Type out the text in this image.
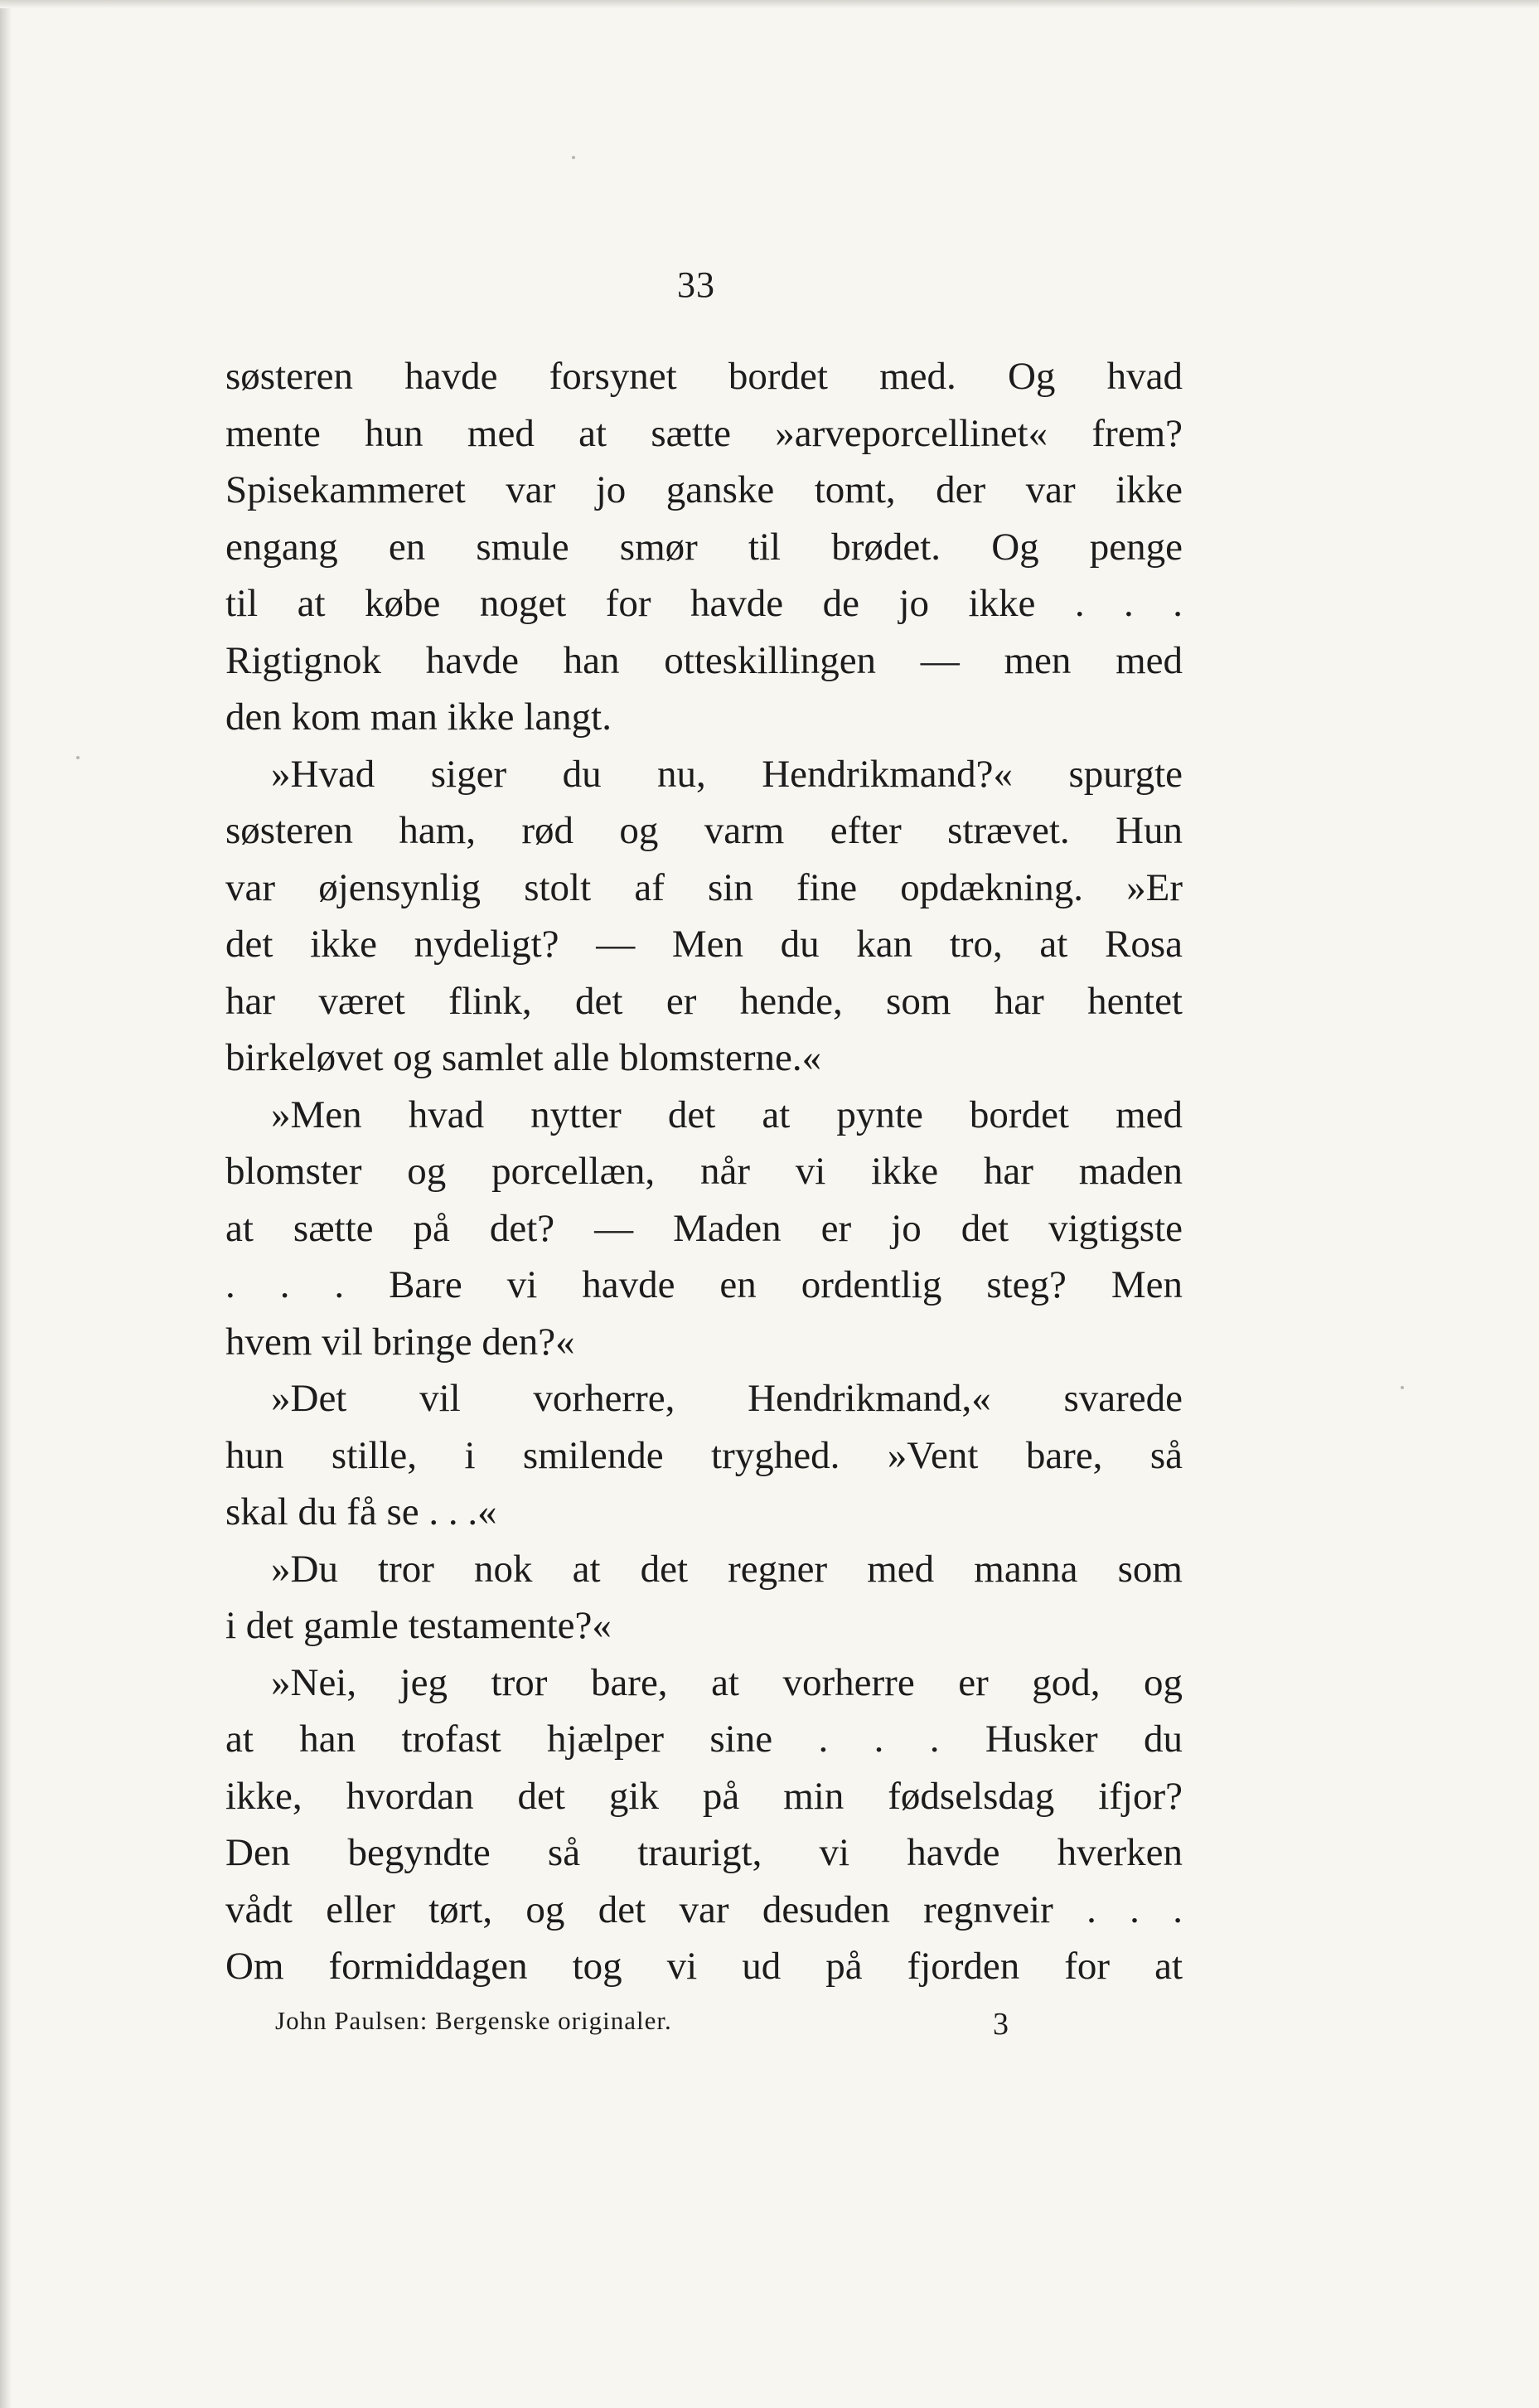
33
søsteren havde forsynet bordet med. Og hvad
mente hun med at sætte »arveporcellinet« frem?
Spisekammeret var jo ganske tomt, der var ikke
engang en smule smør til brødet. Og penge
til at købe noget for havde de jo ikke . . .
Rigtignok havde han otteskillingen — men med
den kom man ikke langt.
»Hvad siger du nu, Hendrikmand?« spurgte
søsteren ham, rød og varm efter strævet. Hun
var øjensynlig stolt af sin fine opdækning. »Er
det ikke nydeligt? — Men du kan tro, at Rosa
har været flink, det er hende, som har hentet
birkeløvet og samlet alle blomsterne.«
»Men hvad nytter det at pynte bordet med
blomster og porcellæn, når vi ikke har maden
at sætte på det? — Maden er jo det vigtigste
. . . Bare vi havde en ordentlig steg? Men
hvem vil bringe den?«
»Det vil vorherre, Hendrikmand,« svarede
hun stille, i smilende tryghed. »Vent bare, så
skal du få se . . .«
»Du tror nok at det regner med manna som
i det gamle testamente?«
»Nei, jeg tror bare, at vorherre er god, og
at han trofast hjælper sine . . . Husker du
ikke, hvordan det gik på min fødselsdag ifjor?
Den begyndte så traurigt, vi havde hverken
vådt eller tørt, og det var desuden regnveir . . .
Om formiddagen tog vi ud på fjorden for at
John Paulsen: Bergenske originaler.	3
